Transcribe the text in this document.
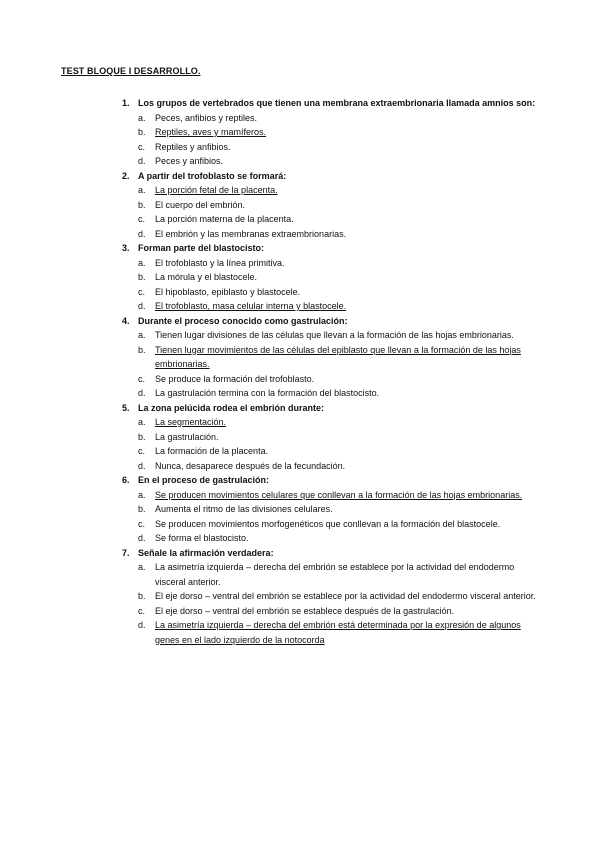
TEST BLOQUE I DESARROLLO.
1. Los grupos de vertebrados que tienen una membrana extraembrionaria llamada amnios son:
a.	Peces, anfibios y reptiles.
b.	Reptiles, aves y mamíferos.
c.	Reptiles y anfibios.
d.	Peces y anfibios.
2. A partir del trofoblasto se formará:
a.	La porción fetal de la placenta.
b.	El cuerpo del embrión.
c.	La porción materna de la placenta.
d.	El embrión y las membranas extraembrionarias.
3. Forman parte del blastocisto:
a.	El trofoblasto y la línea primitiva.
b.	La mórula y el blastocele.
c.	El hipoblasto, epiblasto y blastocele.
d.	El trofoblasto, masa celular interna y blastocele.
4. Durante el proceso conocido como gastrulación:
a.	Tienen lugar divisiones de las células que llevan a la formación de las hojas embrionarias.
b.	Tienen lugar movimientos de las células del epiblasto que llevan a la formación de las hojas embrionarias.
c.	Se produce la formación del trofoblasto.
d.	La gastrulación termina con la formación del blastocisto.
5. La zona pelúcida rodea el embrión durante:
a.	La segmentación.
b.	La gastrulación.
c.	La formación de la placenta.
d.	Nunca, desaparece después de la fecundación.
6. En el proceso de gastrulación:
a.	Se producen movimientos celulares que conllevan a la formación de las hojas embrionarias.
b.	Aumenta el ritmo de las divisiones celulares.
c.	Se producen movimientos morfogenéticos que conllevan a la formación del blastocele.
d.	Se forma el blastocisto.
7. Señale la afirmación verdadera:
a.	La asimetría izquierda – derecha del embrión se establece por la actividad del endodermo visceral anterior.
b.	El eje dorso – ventral del embrión se establece por la actividad del endodermo visceral anterior.
c.	El eje dorso – ventral del embrión se establece después de la gastrulación.
d.	La asimetría izquierda – derecha del embrión está determinada por la expresión de algunos genes en el lado izquierdo de la notocorda
